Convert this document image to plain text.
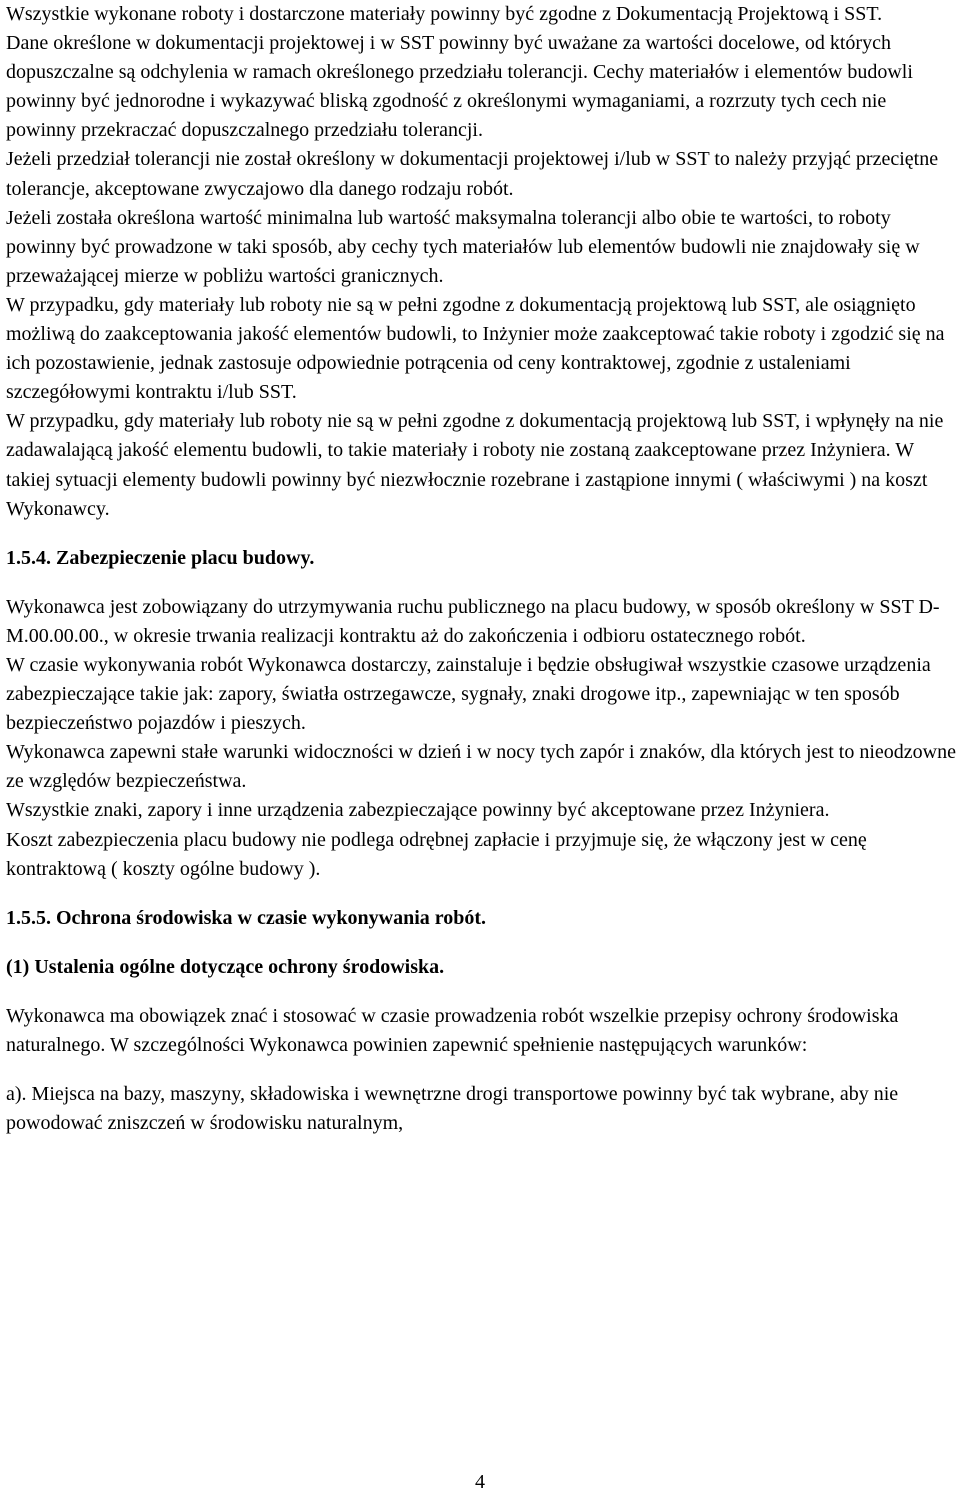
Wszystkie wykonane roboty i dostarczone materiały powinny być zgodne z Dokumentacją Projektową i SST.

Dane określone w dokumentacji projektowej i w SST powinny być uważane za wartości docelowe, od których dopuszczalne są odchylenia w ramach określonego przedziału tolerancji. Cechy materiałów i elementów budowli powinny być jednorodne i wykazywać bliską zgodność z określonymi wymaganiami, a rozrzuty tych cech nie powinny przekraczać dopuszczalnego przedziału tolerancji.

Jeżeli przedział tolerancji nie został określony w dokumentacji projektowej i/lub w SST to należy przyjąć przeciętne tolerancje, akceptowane zwyczajowo dla danego rodzaju robót.

Jeżeli została określona wartość minimalna lub wartość maksymalna tolerancji albo obie te wartości, to roboty powinny być prowadzone w taki sposób, aby cechy tych materiałów lub elementów budowli nie znajdowały się w przeważającej mierze w pobliżu wartości granicznych.

W przypadku, gdy materiały lub roboty nie są w pełni zgodne z dokumentacją projektową lub SST, ale osiągnięto możliwą do zaakceptowania jakość elementów budowli, to Inżynier może zaakceptować takie roboty i zgodzić się na ich pozostawienie, jednak zastosuje odpowiednie potrącenia od ceny kontraktowej, zgodnie z ustaleniami szczegółowymi kontraktu i/lub SST.

W przypadku, gdy materiały lub roboty nie są w pełni zgodne z dokumentacją projektową lub SST, i wpłynęły na nie zadawalającą jakość elementu budowli, to takie materiały i roboty nie zostaną zaakceptowane przez Inżyniera. W takiej sytuacji elementy budowli powinny być niezwłocznie rozebrane i zastąpione innymi ( właściwymi ) na koszt Wykonawcy.

1.5.4. Zabezpieczenie placu budowy.

Wykonawca jest zobowiązany do utrzymywania ruchu publicznego na placu budowy, w sposób określony w SST D-M.00.00.00., w okresie trwania realizacji kontraktu aż do zakończenia i odbioru ostatecznego robót.

W czasie wykonywania robót Wykonawca dostarczy, zainstaluje i będzie obsługiwał wszystkie czasowe urządzenia zabezpieczające takie jak: zapory, światła ostrzegawcze, sygnały, znaki drogowe itp., zapewniając w ten sposób bezpieczeństwo pojazdów i pieszych.

Wykonawca zapewni stałe warunki widoczności w dzień i w nocy tych zapór i znaków, dla których jest to nieodzowne ze względów bezpieczeństwa.

Wszystkie znaki, zapory i inne urządzenia zabezpieczające powinny być akceptowane przez Inżyniera.

Koszt zabezpieczenia placu budowy nie podlega odrębnej zapłacie i przyjmuje się, że włączony jest w cenę kontraktową ( koszty ogólne budowy ).

1.5.5. Ochrona środowiska w czasie wykonywania robót.

(1) Ustalenia ogólne dotyczące ochrony środowiska.

Wykonawca ma obowiązek znać i stosować w czasie prowadzenia robót wszelkie przepisy ochrony środowiska naturalnego. W szczególności Wykonawca powinien zapewnić spełnienie następujących warunków:

a). Miejsca na bazy, maszyny, składowiska i wewnętrzne drogi transportowe powinny być tak wybrane, aby nie powodować zniszczeń w środowisku naturalnym,

4
